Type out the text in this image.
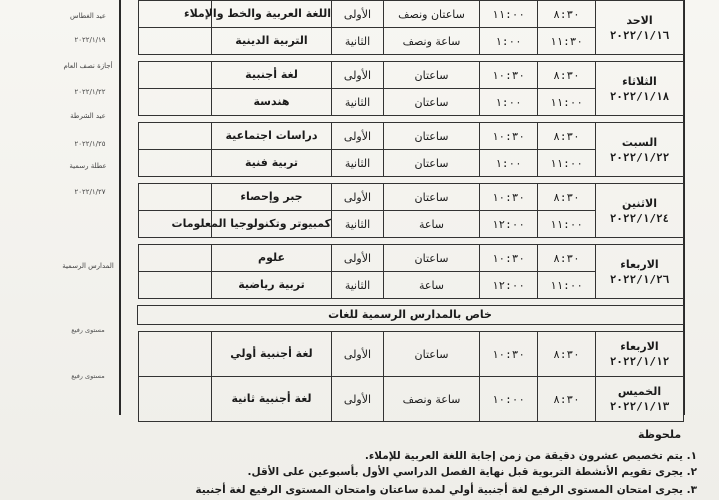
عيد الغطاس
٢٠٢٢/١/١٩
أجازة نصف العام
٢٠٢٢/١/٢٢
عيد الشرطة
٢٠٢٢/١/٢٥
عطلة رسمية
٢٠٢٢/١/٢٧
المدارس الرسمية
الاحد
٢٠٢٢/١/١٦	٨:٣٠	١١:٠٠	ساعتان ونصف	الأولى	اللغة العربية والخط والإملاء	
	١١:٣٠	١:٠٠	ساعة ونصف	الثانية	التربية الدينية	

الثلاثاء
٢٠٢٢/١/١٨	٨:٣٠	١٠:٣٠	ساعتان	الأولى	لغة أجنبية	
	١١:٠٠	١:٠٠	ساعتان	الثانية	هندسة	

السبت
٢٠٢٢/١/٢٢	٨:٣٠	١٠:٣٠	ساعتان	الأولى	دراسات اجتماعية	
	١١:٠٠	١:٠٠	ساعتان	الثانية	تربية فنية	

الاثنين
٢٠٢٢/١/٢٤	٨:٣٠	١٠:٣٠	ساعتان	الأولى	جبر وإحصاء	
	١١:٠٠	١٢:٠٠	ساعة	الثانية	كمبيوتر وتكنولوجيا المعلومات	

الاربعاء
٢٠٢٢/١/٢٦	٨:٣٠	١٠:٣٠	ساعتان	الأولى	علوم	
	١١:٠٠	١٢:٠٠	ساعة	الثانية	تربية رياضية	

خاص بالمدارس الرسمية للغات						

الاربعاء
٢٠٢٢/١/١٢	٨:٣٠	١٠:٣٠	ساعتان	الأولى	لغة أجنبية أولي	

الخميس
٢٠٢٢/١/١٣	٨:٣٠	١٠:٠٠	ساعة ونصف	الأولى	لغة أجنبية ثانية	
ملحوظة
١. يتم تخصيص عشرون دقيقة من زمن إجابة اللغة العربية للإملاء.
٢. يجرى تقويم الأنشطة التربوية قبل نهاية الفصل الدراسي الأول بأسبوعين على الأقل.
٣. يجرى امتحان المستوى الرفيع لغة أجنبية أولي لمدة ساعتان وامتحان المستوى الرفيع لغة أجنبية
مستوى رفيع
مستوى رفيع
